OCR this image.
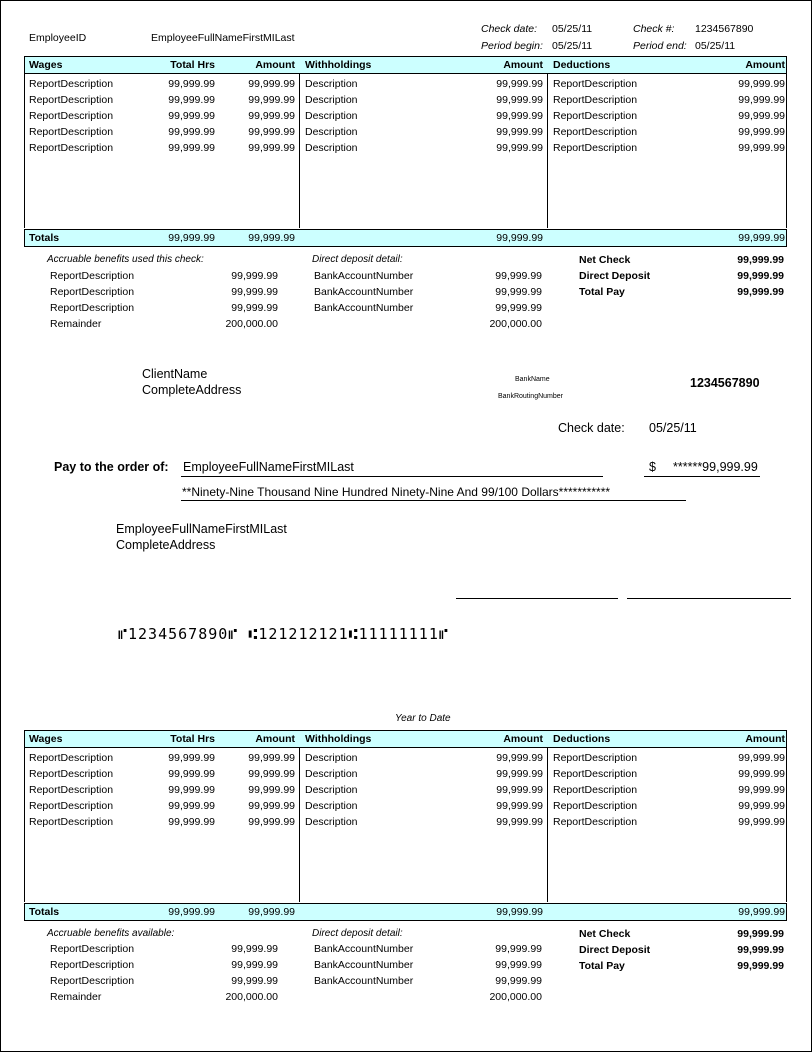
EmployeeID	EmployeeFullNameFirstMILast
Check date: 05/25/11
Period begin: 05/25/11
Check #: 1234567890
Period end: 05/25/11
Wages	Total Hrs	Amount Withholdings	Amount Deductions	Amount
ReportDescription	99,999.99	99,999.99 Description	99,999.99 ReportDescription	99,999.99
ReportDescription	99,999.99	99,999.99 Description	99,999.99 ReportDescription	99,999.99
ReportDescription	99,999.99	99,999.99 Description	99,999.99 ReportDescription	99,999.99
ReportDescription	99,999.99	99,999.99 Description	99,999.99 ReportDescription	99,999.99
ReportDescription	99,999.99	99,999.99 Description	99,999.99 ReportDescription	99,999.99
Totals	99,999.99	99,999.99	99,999.99	99,999.99
Accruable benefits used this check:
ReportDescription	99,999.99
ReportDescription	99,999.99
ReportDescription	99,999.99
Remainder	200,000.00
Direct deposit detail:
BankAccountNumber	99,999.99
BankAccountNumber	99,999.99
BankAccountNumber	99,999.99
200,000.00
Net Check	99,999.99
Direct Deposit	99,999.99
Total Pay	99,999.99
ClientName
CompleteAddress
BankName
BankRoutingNumber
1234567890
Check date: 05/25/11
Pay to the order of: EmployeeFullNameFirstMILast	$ ******99,999.99
**Ninety-Nine Thousand Nine Hundred Ninety-Nine And 99/100 Dollars***********
EmployeeFullNameFirstMILast
CompleteAddress
⑈1234567890⑈ ⑆121212121⑆11111111⑈
Year to Date
Wages	Total Hrs	Amount Withholdings	Amount Deductions	Amount
ReportDescription	99,999.99	99,999.99 Description	99,999.99 ReportDescription	99,999.99
ReportDescription	99,999.99	99,999.99 Description	99,999.99 ReportDescription	99,999.99
ReportDescription	99,999.99	99,999.99 Description	99,999.99 ReportDescription	99,999.99
ReportDescription	99,999.99	99,999.99 Description	99,999.99 ReportDescription	99,999.99
ReportDescription	99,999.99	99,999.99 Description	99,999.99 ReportDescription	99,999.99
Totals	99,999.99	99,999.99	99,999.99	99,999.99
Accruable benefits available:
ReportDescription	99,999.99
ReportDescription	99,999.99
ReportDescription	99,999.99
Remainder	200,000.00
Direct deposit detail:
BankAccountNumber	99,999.99
BankAccountNumber	99,999.99
BankAccountNumber	99,999.99
200,000.00
Net Check	99,999.99
Direct Deposit	99,999.99
Total Pay	99,999.99
